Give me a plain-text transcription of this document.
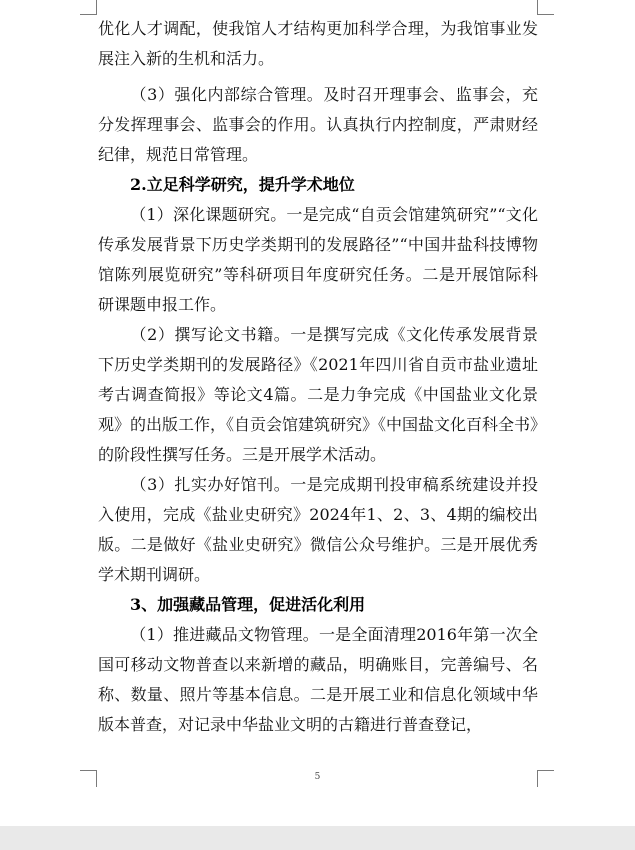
优化人才调配，使我馆人才结构更加科学合理，为我馆事业发展注入新的生机和活力。

（3）强化内部综合管理。及时召开理事会、监事会，充分发挥理事会、监事会的作用。认真执行内控制度，严肃财经纪律，规范日常管理。

2.立足科学研究，提升学术地位

（1）深化课题研究。一是完成“自贡会馆建筑研究”“文化传承发展背景下历史学类期刊的发展路径”“中国井盐科技博物馆陈列展览研究”等科研项目年度研究任务。二是开展馆际科研课题申报工作。

（2）撰写论文书籍。一是撰写完成《文化传承发展背景下历史学类期刊的发展路径》《2021年四川省自贡市盐业遗址考古调查简报》等论文4篇。二是力争完成《中国盐业文化景观》的出版工作，《自贡会馆建筑研究》《中国盐文化百科全书》的阶段性撰写任务。三是开展学术活动。

（3）扎实办好馆刊。一是完成期刊投审稿系统建设并投入使用，完成《盐业史研究》2024年1、2、3、4期的编校出版。二是做好《盐业史研究》微信公众号维护。三是开展优秀学术期刊调研。

3、加强藏品管理，促进活化利用

（1）推进藏品文物管理。一是全面清理2016年第一次全国可移动文物普查以来新增的藏品，明确账目，完善编号、名称、数量、照片等基本信息。二是开展工业和信息化领域中华版本普查，对记录中华盐业文明的古籍进行普查登记，

5
